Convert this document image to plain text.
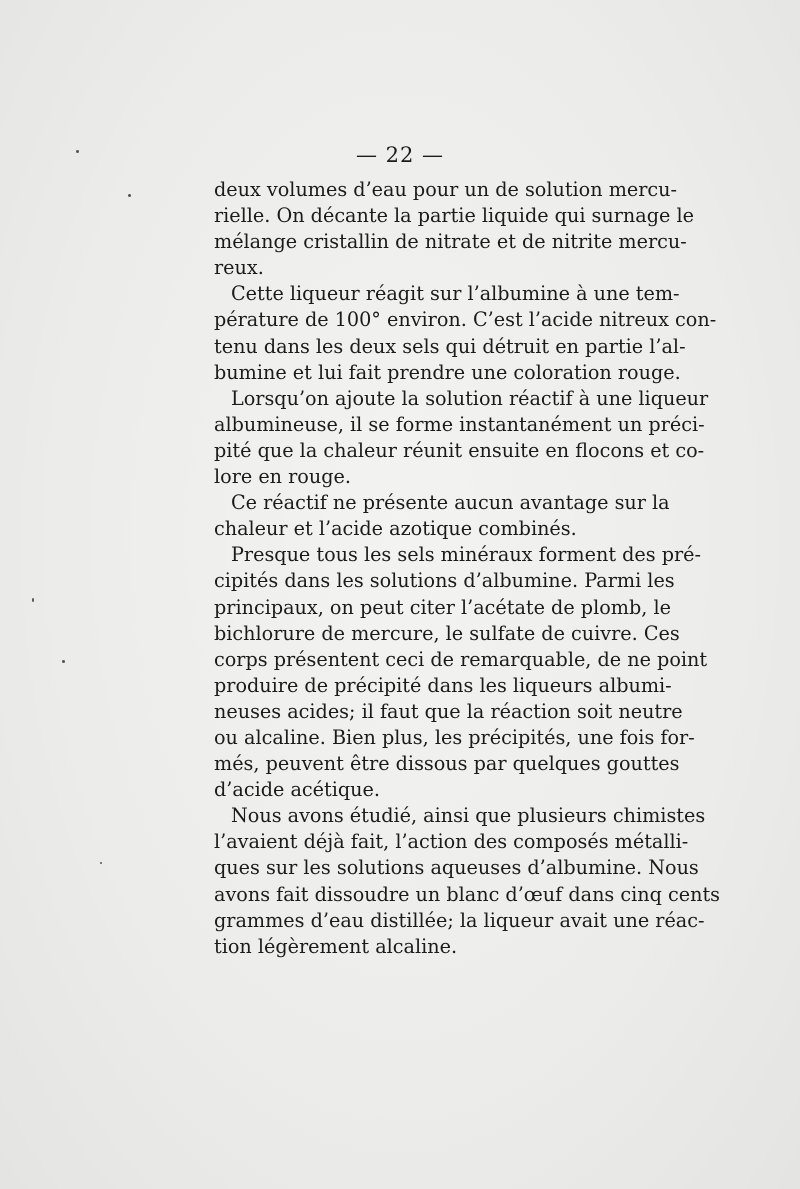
— 22 —

deux volumes d’eau pour un de solution mercu-
rielle. On décante la partie liquide qui surnage le
mélange cristallin de nitrate et de nitrite mercu-
reux.

Cette liqueur réagit sur l’albumine à une tem-
pérature de 100° environ. C’est l’acide nitreux con-
tenu dans les deux sels qui détruit en partie l’al-
bumine et lui fait prendre une coloration rouge.

Lorsqu’on ajoute la solution réactif à une liqueur
albumineuse, il se forme instantanément un préci-
pité que la chaleur réunit ensuite en flocons et co-
lore en rouge.

Ce réactif ne présente aucun avantage sur la
chaleur et l’acide azotique combinés.

Presque tous les sels minéraux forment des pré-
cipités dans les solutions d’albumine. Parmi les
principaux, on peut citer l’acétate de plomb, le
bichlorure de mercure, le sulfate de cuivre. Ces
corps présentent ceci de remarquable, de ne point
produire de précipité dans les liqueurs albumi-
neuses acides; il faut que la réaction soit neutre
ou alcaline. Bien plus, les précipités, une fois for-
més, peuvent être dissous par quelques gouttes
d’acide acétique.

Nous avons étudié, ainsi que plusieurs chimistes
l’avaient déjà fait, l’action des composés métalli-
ques sur les solutions aqueuses d’albumine. Nous
avons fait dissoudre un blanc d’œuf dans cinq cents
grammes d’eau distillée; la liqueur avait une réac-
tion légèrement alcaline.
